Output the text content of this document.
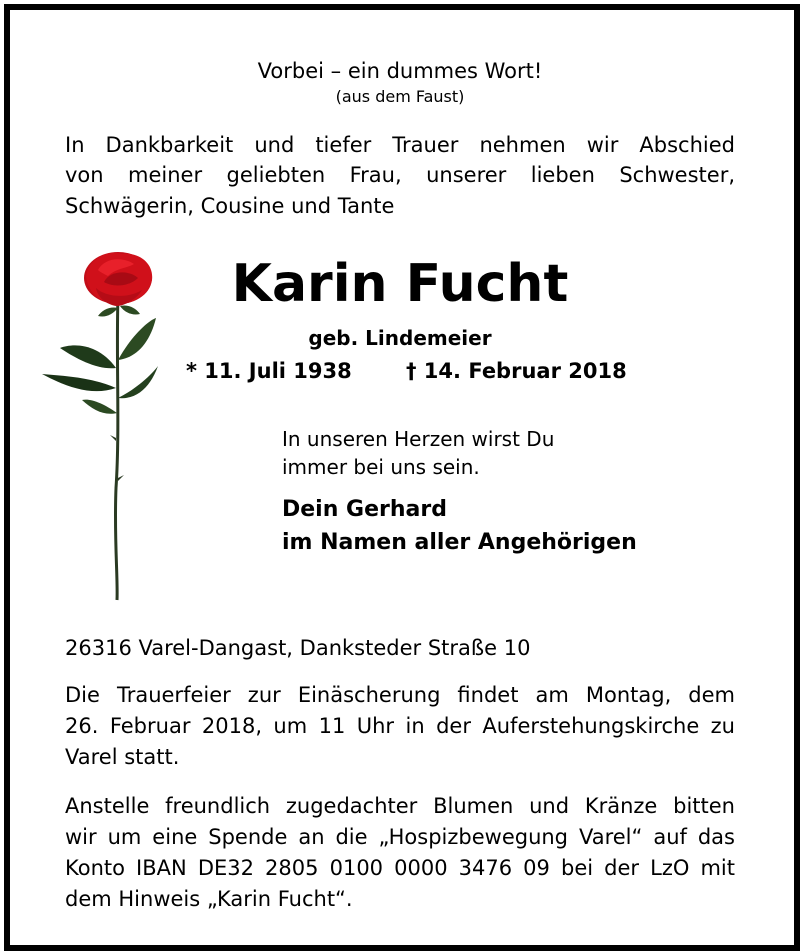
Vorbei – ein dummes Wort!

(aus dem Faust)

In Dankbarkeit und tiefer Trauer nehmen wir Abschied
von meiner geliebten Frau, unserer lieben Schwester,
Schwägerin, Cousine und Tante

Karin Fucht

geb. Lindemeier

* 11. Juli 1938	† 14. Februar 2018
In unseren Herzen wirst Du
immer bei uns sein.
Dein Gerhard
im Namen aller Angehörigen
26316 Varel-Dangast, Danksteder Straße 10
Die Trauerfeier zur Einäscherung findet am Montag, dem
26. Februar 2018, um 11 Uhr in der Auferstehungskirche zu
Varel statt.
Anstelle freundlich zugedachter Blumen und Kränze bitten
wir um eine Spende an die „Hospizbewegung Varel“ auf das
Konto IBAN DE32 2805 0100 0000 3476 09 bei der LzO mit
dem Hinweis „Karin Fucht“.
